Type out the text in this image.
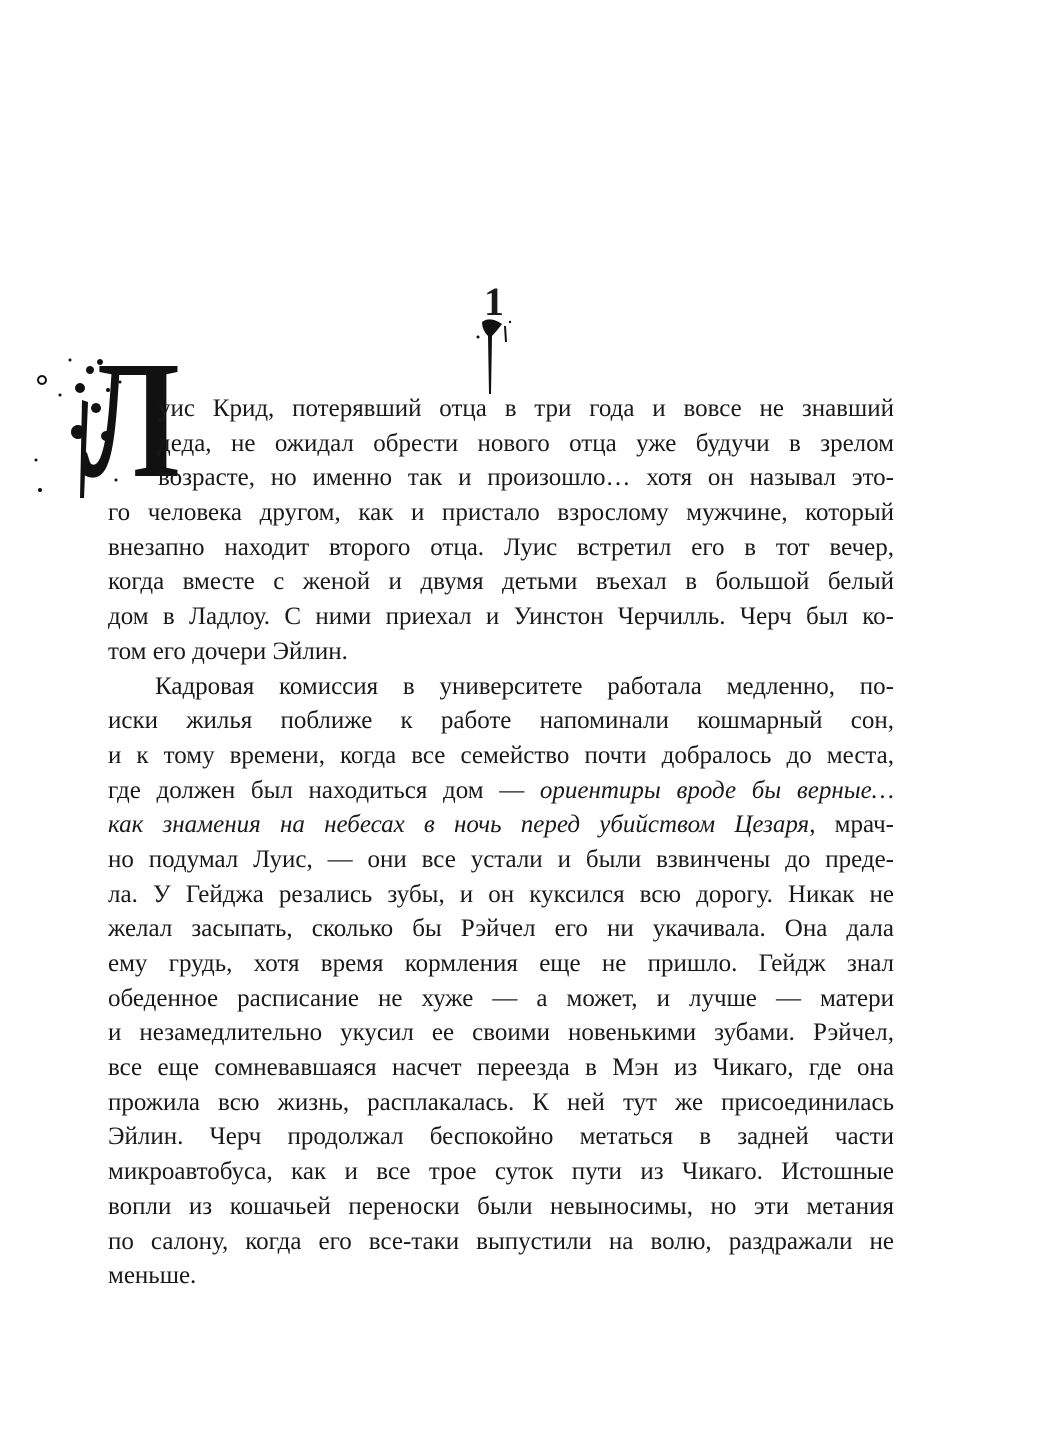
1
Л
уис Крид, потерявший отца в три года и вовсе не знавший
деда, не ожидал обрести нового отца уже будучи в зрелом
возрасте, но именно так и произошло… хотя он называл это-
го человека другом, как и пристало взрослому мужчине, который
внезапно находит второго отца. Луис встретил его в тот вечер,
когда вместе с женой и двумя детьми въехал в большой белый
дом в Ладлоу. С ними приехал и Уинстон Черчилль. Черч был ко-
том его дочери Эйлин.
Кадровая комиссия в университете работала медленно, по-
иски жилья поближе к работе напоминали кошмарный сон,
и к тому времени, когда все семейство почти добралось до места,
где должен был находиться дом — ориентиры вроде бы верные…
как знамения на небесах в ночь перед убийством Цезаря, мрач-
но подумал Луис, — они все устали и были взвинчены до преде-
ла. У Гейджа резались зубы, и он куксился всю дорогу. Никак не
желал засыпать, сколько бы Рэйчел его ни укачивала. Она дала
ему грудь, хотя время кормления еще не пришло. Гейдж знал
обеденное расписание не хуже — а может, и лучше — матери
и незамедлительно укусил ее своими новенькими зубами. Рэйчел,
все еще сомневавшаяся насчет переезда в Мэн из Чикаго, где она
прожила всю жизнь, расплакалась. К ней тут же присоединилась
Эйлин. Черч продолжал беспокойно метаться в задней части
микроавтобуса, как и все трое суток пути из Чикаго. Истошные
вопли из кошачьей переноски были невыносимы, но эти метания
по салону, когда его все-таки выпустили на волю, раздражали не
меньше.
